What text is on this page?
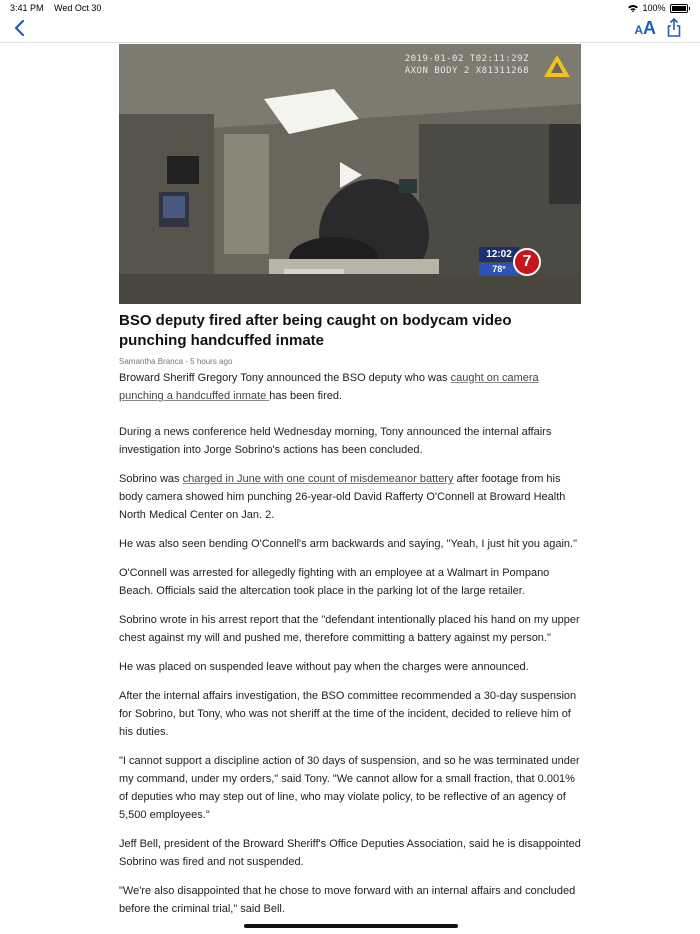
3:41 PM Wed Oct 30	100%
AA
2019-01-02 T02:11:29Z
AXON BODY 2 X81311268
12:02
78°	7
BSO deputy fired after being caught on bodycam video punching handcuffed inmate
Samantha Branca - 5 hours ago

Broward Sheriff Gregory Tony announced the BSO deputy who was caught on camera punching a handcuffed inmate has been fired.

During a news conference held Wednesday morning, Tony announced the internal affairs investigation into Jorge Sobrino's actions has been concluded.

Sobrino was charged in June with one count of misdemeanor battery after footage from his body camera showed him punching 26-year-old David Rafferty O'Connell at Broward Health North Medical Center on Jan. 2.

He was also seen bending O'Connell's arm backwards and saying, "Yeah, I just hit you again."

O'Connell was arrested for allegedly fighting with an employee at a Walmart in Pompano Beach. Officials said the altercation took place in the parking lot of the large retailer.

Sobrino wrote in his arrest report that the "defendant intentionally placed his hand on my upper chest against my will and pushed me, therefore committing a battery against my person."

He was placed on suspended leave without pay when the charges were announced.

After the internal affairs investigation, the BSO committee recommended a 30-day suspension for Sobrino, but Tony, who was not sheriff at the time of the incident, decided to relieve him of his duties.

"I cannot support a discipline action of 30 days of suspension, and so he was terminated under my command, under my orders," said Tony. "We cannot allow for a small fraction, that 0.001% of deputies who may step out of line, who may violate policy, to be reflective of an agency of 5,500 employees."

Jeff Bell, president of the Broward Sheriff's Office Deputies Association, said he is disappointed Sobrino was fired and not suspended.

"We're also disappointed that he chose to move forward with an internal affairs and concluded before the criminal trial," said Bell.
